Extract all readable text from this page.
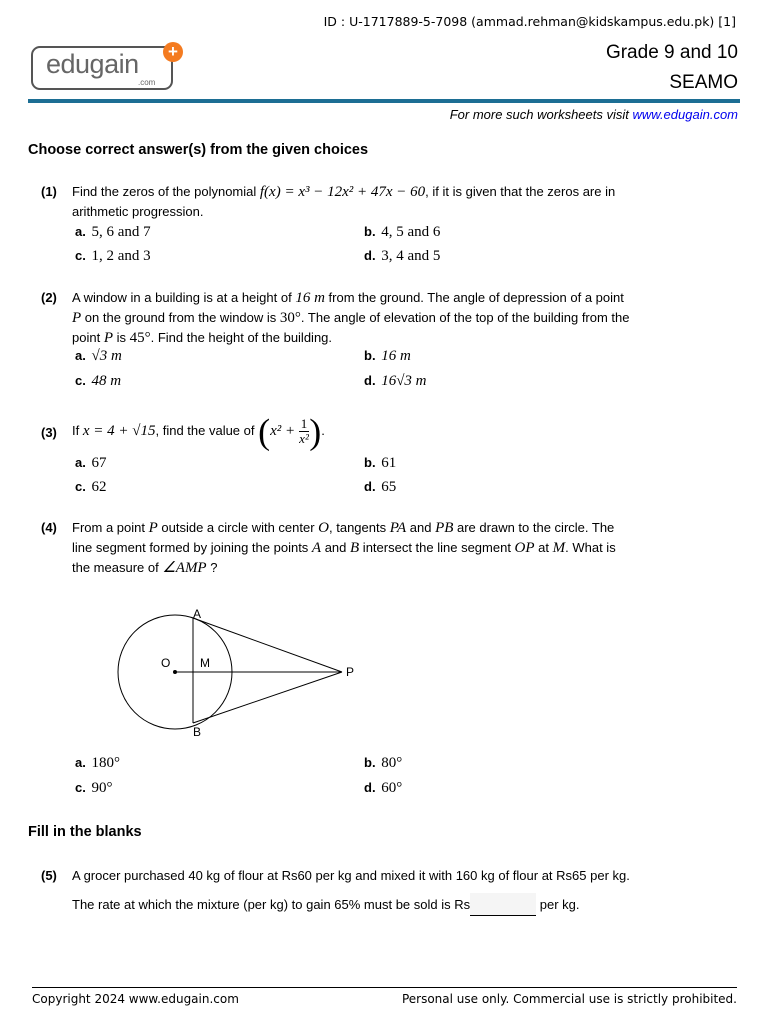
ID : U-1717889-5-7098 (ammad.rehman@kidskampus.edu.pk) [1]
edugain
.com
+	Grade 9 and 10
SEAMO
For more such worksheets visit www.edugain.com
Choose correct answer(s) from the given choices
(1) Find the zeros of the polynomial f(x) = x³ − 12x² + 47x − 60, if it is given that the zeros are in
arithmetic progression.
a. 5, 6 and 7	b. 4, 5 and 6
c. 1, 2 and 3	d. 3, 4 and 5
(2) A window in a building is at a height of 16 m from the ground. The angle of depression of a point
P on the ground from the window is 30°. The angle of elevation of the top of the building from the
point P is 45°. Find the height of the building.
a. √3 m	b. 16 m
c. 48 m	d. 16√3 m
(3) If x = 4 + √15, find the value of ($x^2 + \frac{1}{\text{x²}}$ ).
a. 67	b. 61
c. 62	d. 65
(4) From a point P outside a circle with center O, tangents PA and PB are drawn to the circle. The
line segment formed by joining the points A and B intersect the line segment OP at M. What is
the measure of ∠AMP ?
A
B
O M
P
a. 180°	b. 80°
c. 90°	d. 60°
Fill in the blanks
(5) A grocer purchased 40 kg of flour at Rs60 per kg and mixed it with 160 kg of flour at Rs65 per kg.
The rate at which the mixture (per kg) to gain 65% must be sold is Rs	per kg.
Copyright 2024 www.edugain.com	Personal use only. Commercial use is strictly prohibited.
